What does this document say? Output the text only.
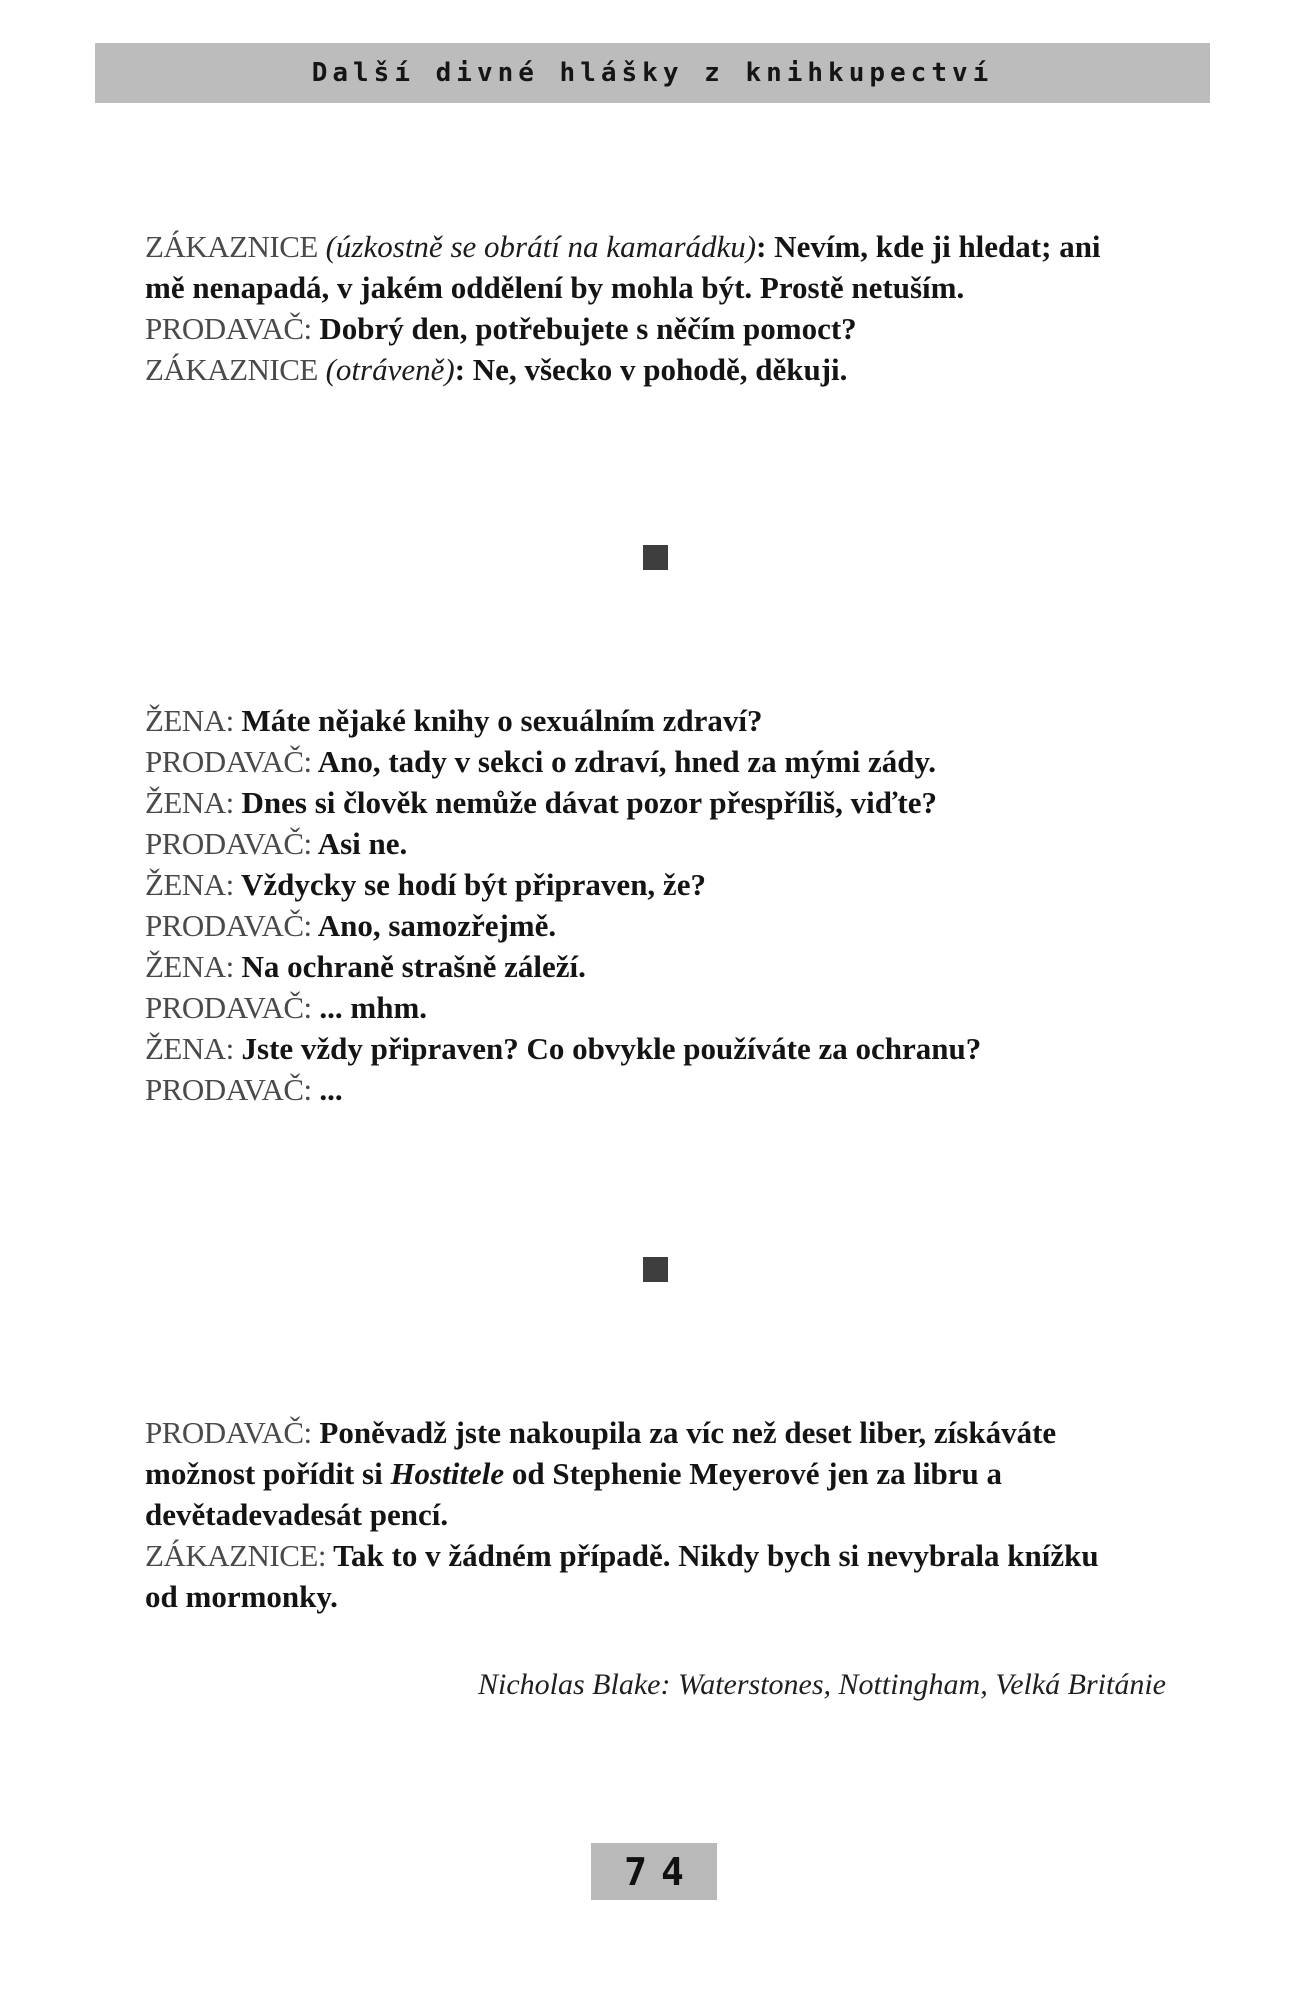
Další divné hlášky z knihkupectví

ZÁKAZNICE (úzkostně se obrátí na kamarádku): Nevím, kde ji hledat; ani mě nenapadá, v jakém oddělení by mohla být. Prostě netuším.

PRODAVAČ: Dobrý den, potřebujete s něčím pomoct?

ZÁKAZNICE (otráveně): Ne, všecko v pohodě, děkuji.

ŽENA: Máte nějaké knihy o sexuálním zdraví?

PRODAVAČ: Ano, tady v sekci o zdraví, hned za mými zády.

ŽENA: Dnes si člověk nemůže dávat pozor přespříliš, viďte?

PRODAVAČ: Asi ne.

ŽENA: Vždycky se hodí být připraven, že?

PRODAVAČ: Ano, samozřejmě.

ŽENA: Na ochraně strašně záleží.

PRODAVAČ: ... mhm.

ŽENA: Jste vždy připraven? Co obvykle používáte za ochranu?

PRODAVAČ: ...

PRODAVAČ: Poněvadž jste nakoupila za víc než deset liber, získáváte možnost pořídit si Hostitele od Stephenie Meyerové jen za libru a devětadevadesát pencí.

ZÁKAZNICE: Tak to v žádném případě. Nikdy bych si nevybrala knížku od mormonky.

Nicholas Blake: Waterstones, Nottingham, Velká Británie
74
